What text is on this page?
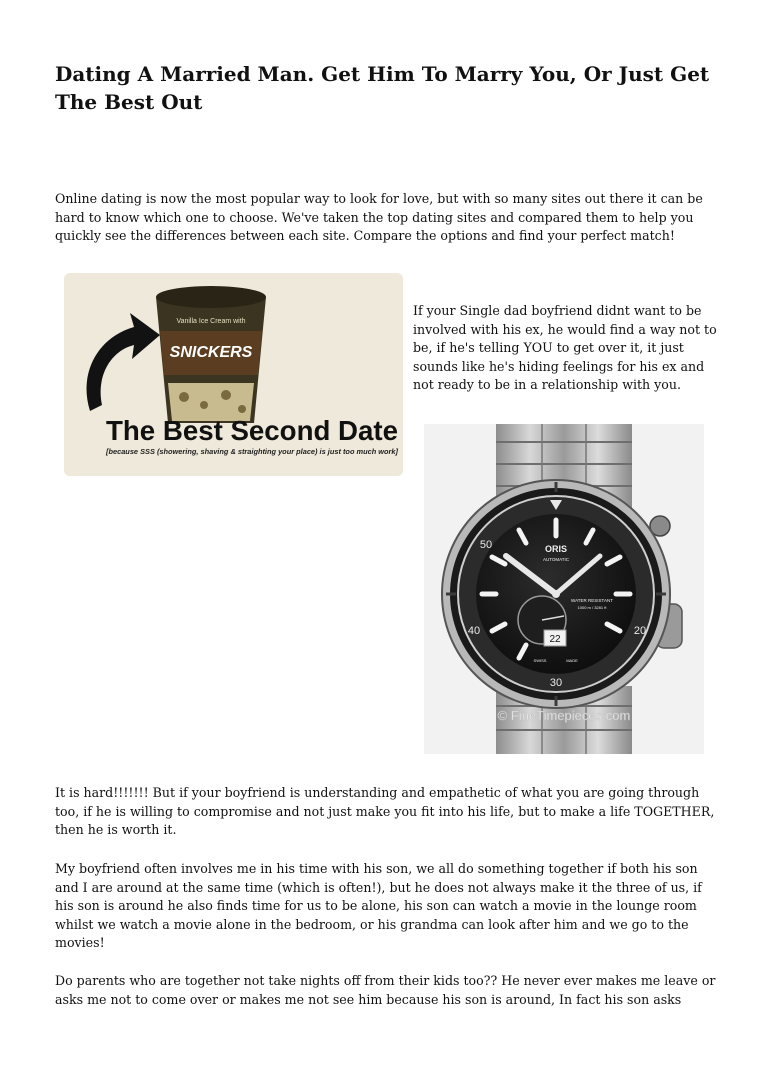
Dating A Married Man. Get Him To Marry You, Or Just Get The Best Out

Online dating is now the most popular way to look for love, but with so many sites out there it can be hard to know which one to choose. We've taken the top dating sites and compared them to help you quickly see the differences between each site. Compare the options and find your perfect match!

Vanilla Ice Cream with
SNICKERS
The Best Second Date
[because SSS (showering, shaving & straighting your place) is just too much work]

If your Single dad boyfriend didnt want to be involved with his ex, he would find a way not to be, if he's telling YOU to get over it, it just sounds like he's hiding feelings for his ex and not ready to be in a relationship with you.

20
30
40
50
22
ORIS
AUTOMATIC
WATER RESISTANT
1000 m / 3281 ft
SWISS	MADE
© FineTimepieces.com

It is hard!!!!!!! But if your boyfriend is understanding and empathetic of what you are going through too, if he is willing to compromise and not just make you fit into his life, but to make a life TOGETHER, then he is worth it.

My boyfriend often involves me in his time with his son, we all do something together if both his son and I are around at the same time (which is often!), but he does not always make it the three of us, if his son is around he also finds time for us to be alone, his son can watch a movie in the lounge room whilst we watch a movie alone in the bedroom, or his grandma can look after him and we go to the movies!

Do parents who are together not take nights off from their kids too?? He never ever makes me leave or asks me not to come over or makes me not see him because his son is around, In fact his son asks
